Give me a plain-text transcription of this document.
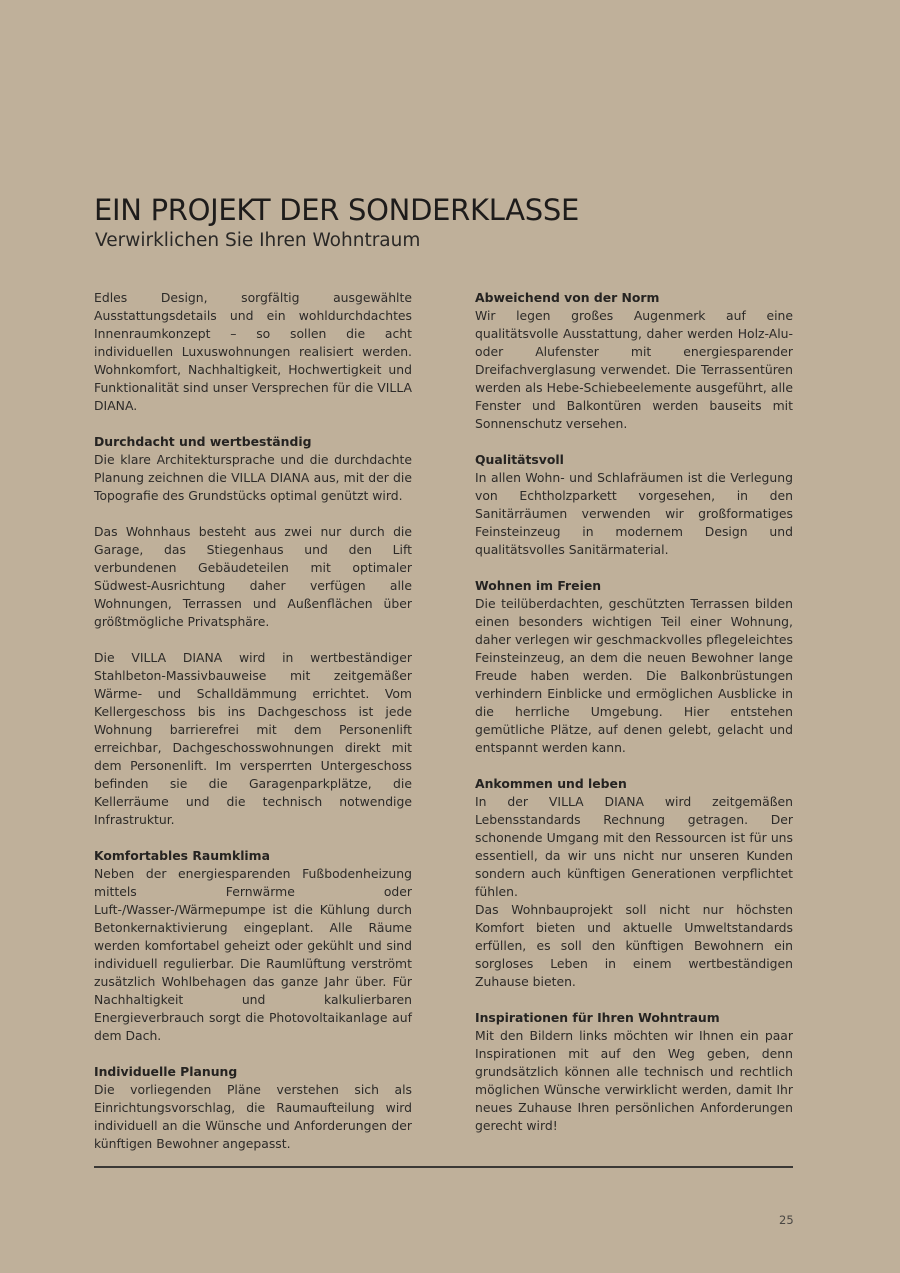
EIN PROJEKT DER SONDERKLASSE
Verwirklichen Sie Ihren Wohntraum
Edles Design, sorgfältig ausgewählte Ausstattungsdetails und ein wohldurchdachtes Innenraumkonzept – so sollen die acht individuellen Luxuswohnungen realisiert werden. Wohnkomfort, Nachhaltigkeit, Hochwertigkeit und Funktionalität sind unser Versprechen für die VILLA DIANA.
Durchdacht und wertbeständig
Die klare Architektursprache und die durchdachte Planung zeichnen die VILLA DIANA aus, mit der die Topografie des Grundstücks optimal genützt wird.
Das Wohnhaus besteht aus zwei nur durch die Garage, das Stiegenhaus und den Lift verbundenen Gebäudeteilen mit optimaler Südwest-Ausrichtung daher verfügen alle Wohnungen, Terrassen und Außenflächen über größtmögliche Privatsphäre.
Die VILLA DIANA wird in wertbeständiger Stahlbeton-Massivbauweise mit zeitgemäßer Wärme- und Schalldämmung errichtet. Vom Kellergeschoss bis ins Dachgeschoss ist jede Wohnung barrierefrei mit dem Personenlift erreichbar, Dachgeschosswohnungen direkt mit dem Personenlift. Im versperrten Untergeschoss befinden sie die Garagenparkplätze, die Kellerräume und die technisch notwendige Infrastruktur.
Komfortables Raumklima
Neben der energiesparenden Fußbodenheizung mittels Fernwärme oder Luft-/Wasser-/Wärmepumpe ist die Kühlung durch Betonkernaktivierung eingeplant. Alle Räume werden komfortabel geheizt oder gekühlt und sind individuell regulierbar. Die Raumlüftung verströmt zusätzlich Wohlbehagen das ganze Jahr über. Für Nachhaltigkeit und kalkulierbaren Energieverbrauch sorgt die Photovoltaikanlage auf dem Dach.
Individuelle Planung
Die vorliegenden Pläne verstehen sich als Einrichtungsvorschlag, die Raumaufteilung wird individuell an die Wünsche und Anforderungen der künftigen Bewohner angepasst.
Abweichend von der Norm
Wir legen großes Augenmerk auf eine qualitätsvolle Ausstattung, daher werden Holz-Alu- oder Alufenster mit energiesparender Dreifachverglasung verwendet. Die Terrassentüren werden als Hebe-Schiebeelemente ausgeführt, alle Fenster und Balkontüren werden bauseits mit Sonnenschutz versehen.
Qualitätsvoll
In allen Wohn- und Schlafräumen ist die Verlegung von Echtholzparkett vorgesehen, in den Sanitärräumen verwenden wir großformatiges Feinsteinzeug in modernem Design und qualitätsvolles Sanitärmaterial.
Wohnen im Freien
Die teilüberdachten, geschützten Terrassen bilden einen besonders wichtigen Teil einer Wohnung, daher verlegen wir geschmackvolles pflegeleichtes Feinsteinzeug, an dem die neuen Bewohner lange Freude haben werden. Die Balkonbrüstungen verhindern Einblicke und ermöglichen Ausblicke in die herrliche Umgebung. Hier entstehen gemütliche Plätze, auf denen gelebt, gelacht und entspannt werden kann.
Ankommen und leben
In der VILLA DIANA wird zeitgemäßen Lebensstandards Rechnung getragen. Der schonende Umgang mit den Ressourcen ist für uns essentiell, da wir uns nicht nur unseren Kunden sondern auch künftigen Generationen verpflichtet fühlen.
Das Wohnbauprojekt soll nicht nur höchsten Komfort bieten und aktuelle Umweltstandards erfüllen, es soll den künftigen Bewohnern ein sorgloses Leben in einem wertbeständigen Zuhause bieten.
Inspirationen für Ihren Wohntraum
Mit den Bildern links möchten wir Ihnen ein paar Inspirationen mit auf den Weg geben, denn grundsätzlich können alle technisch und rechtlich möglichen Wünsche verwirklicht werden, damit Ihr neues Zuhause Ihren persönlichen Anforderungen gerecht wird!
25
